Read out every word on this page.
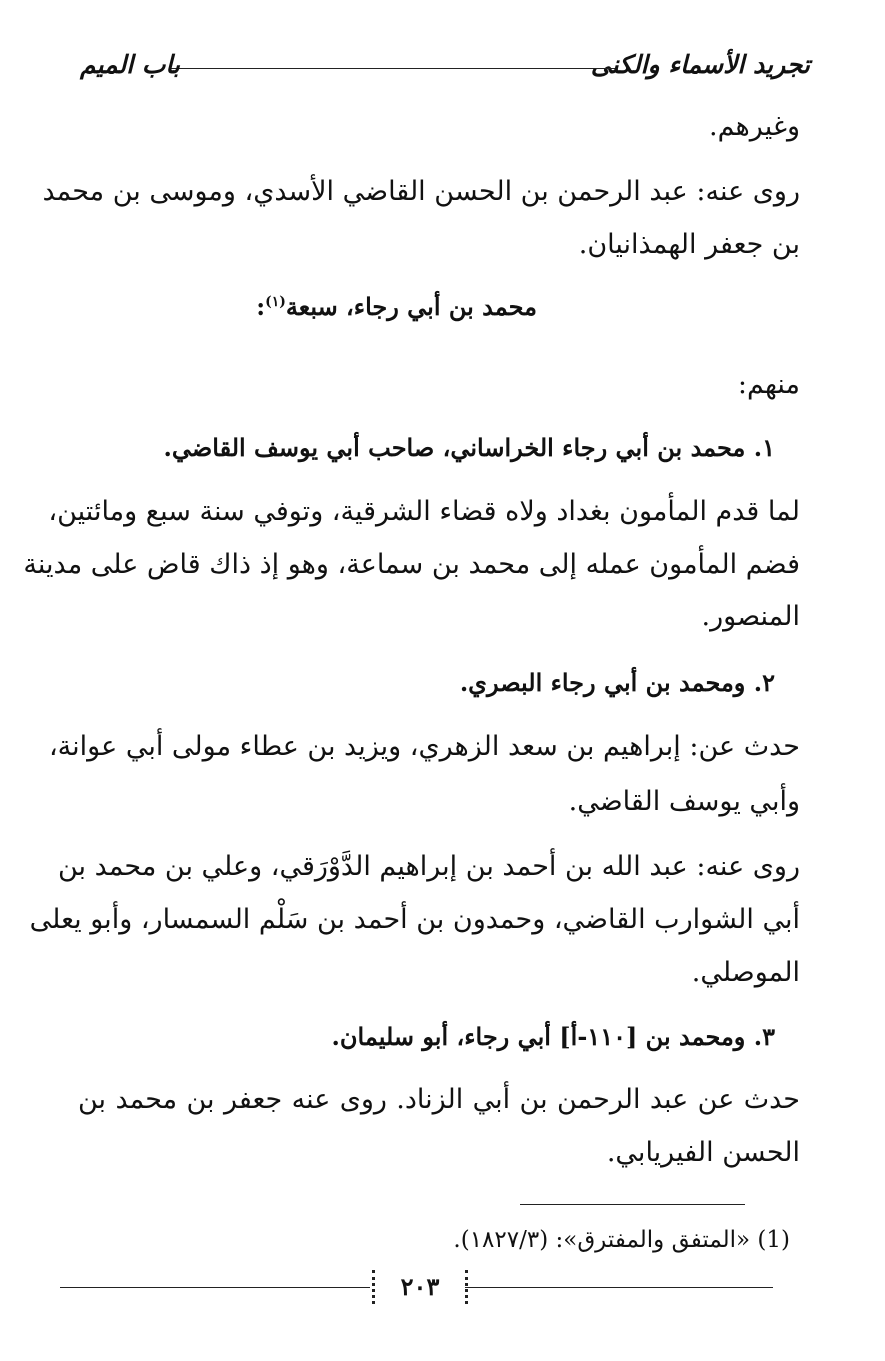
تجريد الأسماء والكنى
باب الميم
وغيرهم.
روى عنه: عبد الرحمن بن الحسن القاضي الأسدي، وموسى بن محمد
بن جعفر الهمذانيان.
محمد بن أبي رجاء، سبعة$^{(١)}$:
منهم:
١. محمد بن أبي رجاء الخراساني، صاحب أبي يوسف القاضي.
لما قدم المأمون بغداد ولاه قضاء الشرقية، وتوفي سنة سبع ومائتين،
فضم المأمون عمله إلى محمد بن سماعة، وهو إذ ذاك قاض على مدينة
المنصور.
٢. ومحمد بن أبي رجاء البصري.
حدث عن: إبراهيم بن سعد الزهري، ويزيد بن عطاء مولى أبي عوانة،
وأبي يوسف القاضي.
روى عنه: عبد الله بن أحمد بن إبراهيم الدَّوْرَقي، وعلي بن محمد بن
أبي الشوارب القاضي، وحمدون بن أحمد بن سَلْم السمسار، وأبو يعلى
الموصلي.
٣. ومحمد بن [١١٠-أ] أبي رجاء، أبو سليمان.
حدث عن عبد الرحمن بن أبي الزناد. روى عنه جعفر بن محمد بن
الحسن الفيريابي.
(1) «المتفق والمفترق»: (١٨٢٧/٣).
٢٠٣
